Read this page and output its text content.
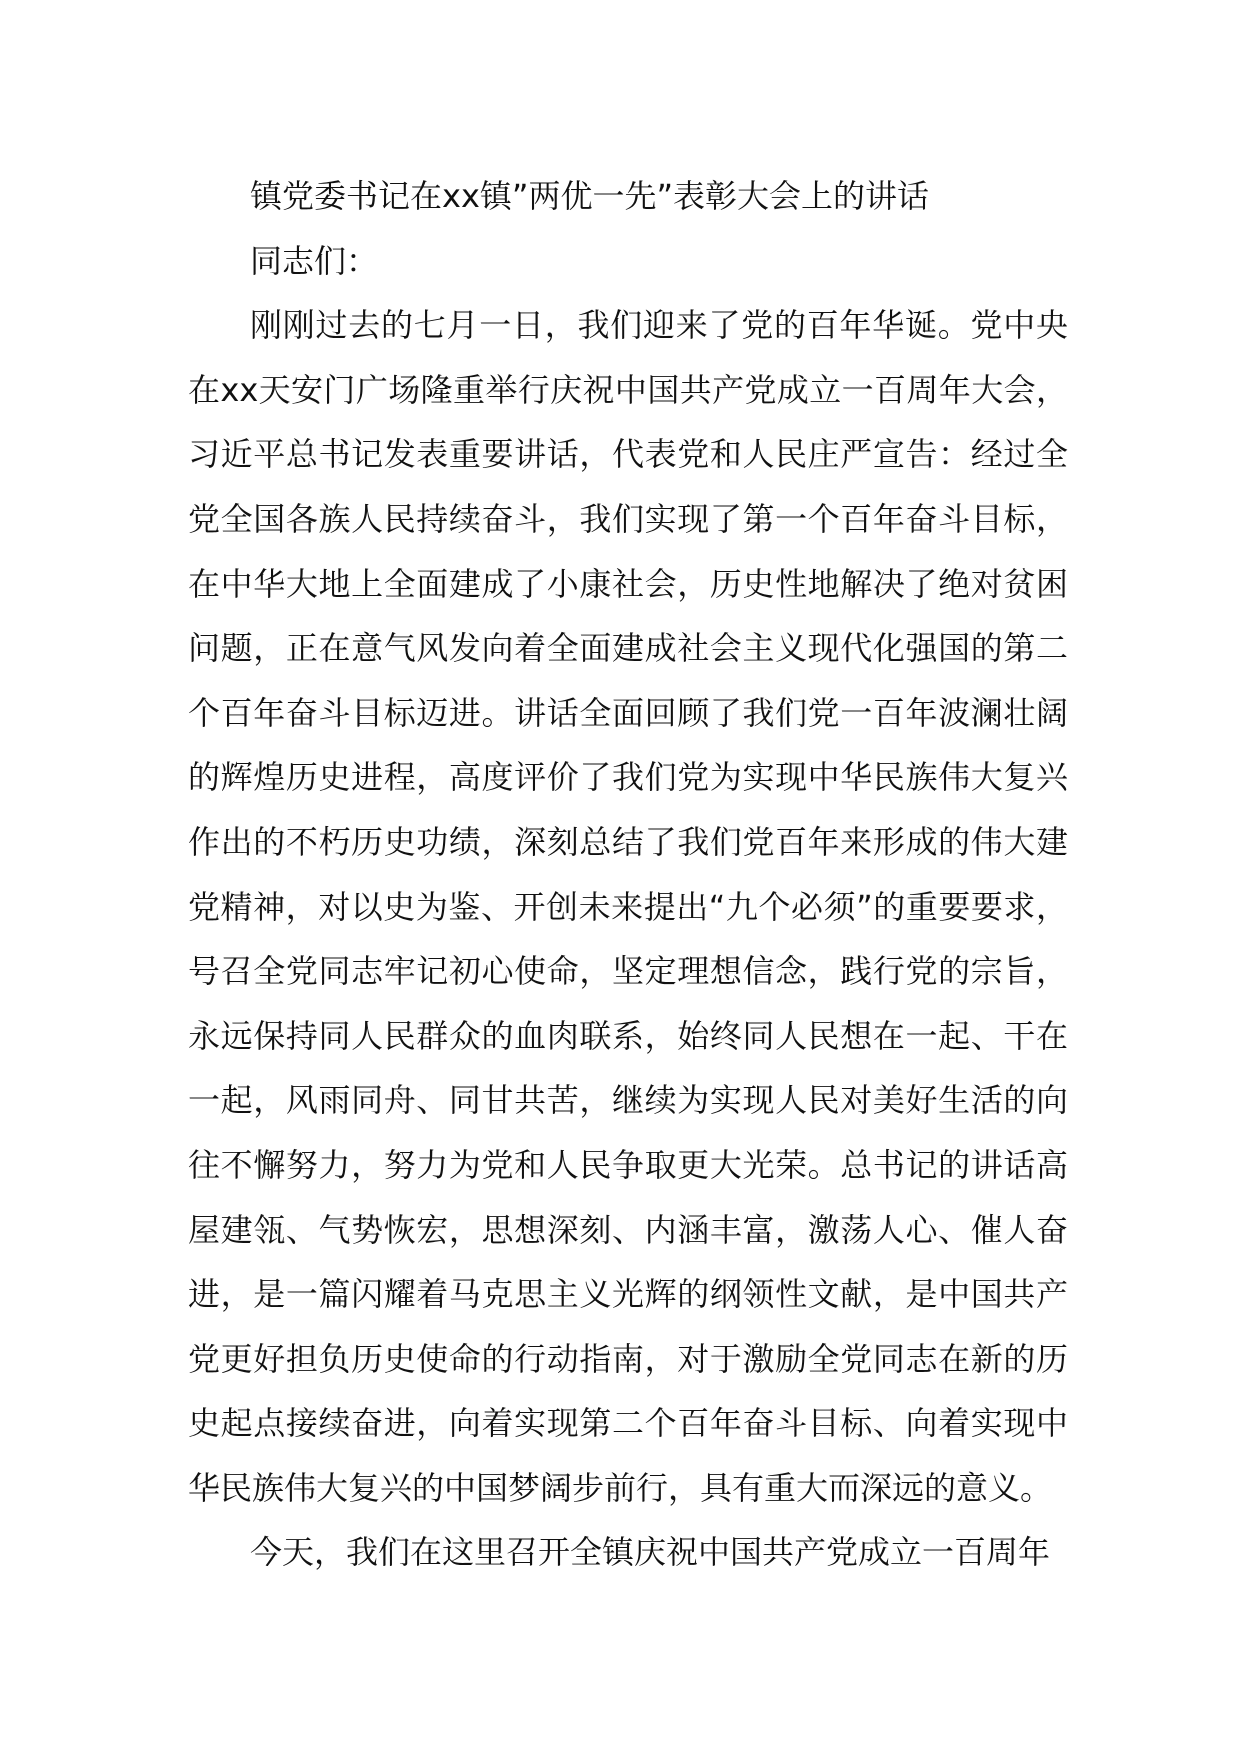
镇党委书记在xx镇”两优一先”表彰大会上的讲话

同志们：

刚刚过去的七月一日，我们迎来了党的百年华诞。党中央在xx天安门广场隆重举行庆祝中国共产党成立一百周年大会，习近平总书记发表重要讲话，代表党和人民庄严宣告：经过全党全国各族人民持续奋斗，我们实现了第一个百年奋斗目标，在中华大地上全面建成了小康社会，历史性地解决了绝对贫困问题，正在意气风发向着全面建成社会主义现代化强国的第二个百年奋斗目标迈进。讲话全面回顾了我们党一百年波澜壮阔的辉煌历史进程，高度评价了我们党为实现中华民族伟大复兴作出的不朽历史功绩，深刻总结了我们党百年来形成的伟大建党精神，对以史为鉴、开创未来提出“九个必须”的重要要求，号召全党同志牢记初心使命，坚定理想信念，践行党的宗旨，永远保持同人民群众的血肉联系，始终同人民想在一起、干在一起，风雨同舟、同甘共苦，继续为实现人民对美好生活的向往不懈努力，努力为党和人民争取更大光荣。总书记的讲话高屋建瓴、气势恢宏，思想深刻、内涵丰富，激荡人心、催人奋进，是一篇闪耀着马克思主义光辉的纲领性文献，是中国共产党更好担负历史使命的行动指南，对于激励全党同志在新的历史起点接续奋进，向着实现第二个百年奋斗目标、向着实现中华民族伟大复兴的中国梦阔步前行，具有重大而深远的意义。

今天，我们在这里召开全镇庆祝中国共产党成立一百周年
